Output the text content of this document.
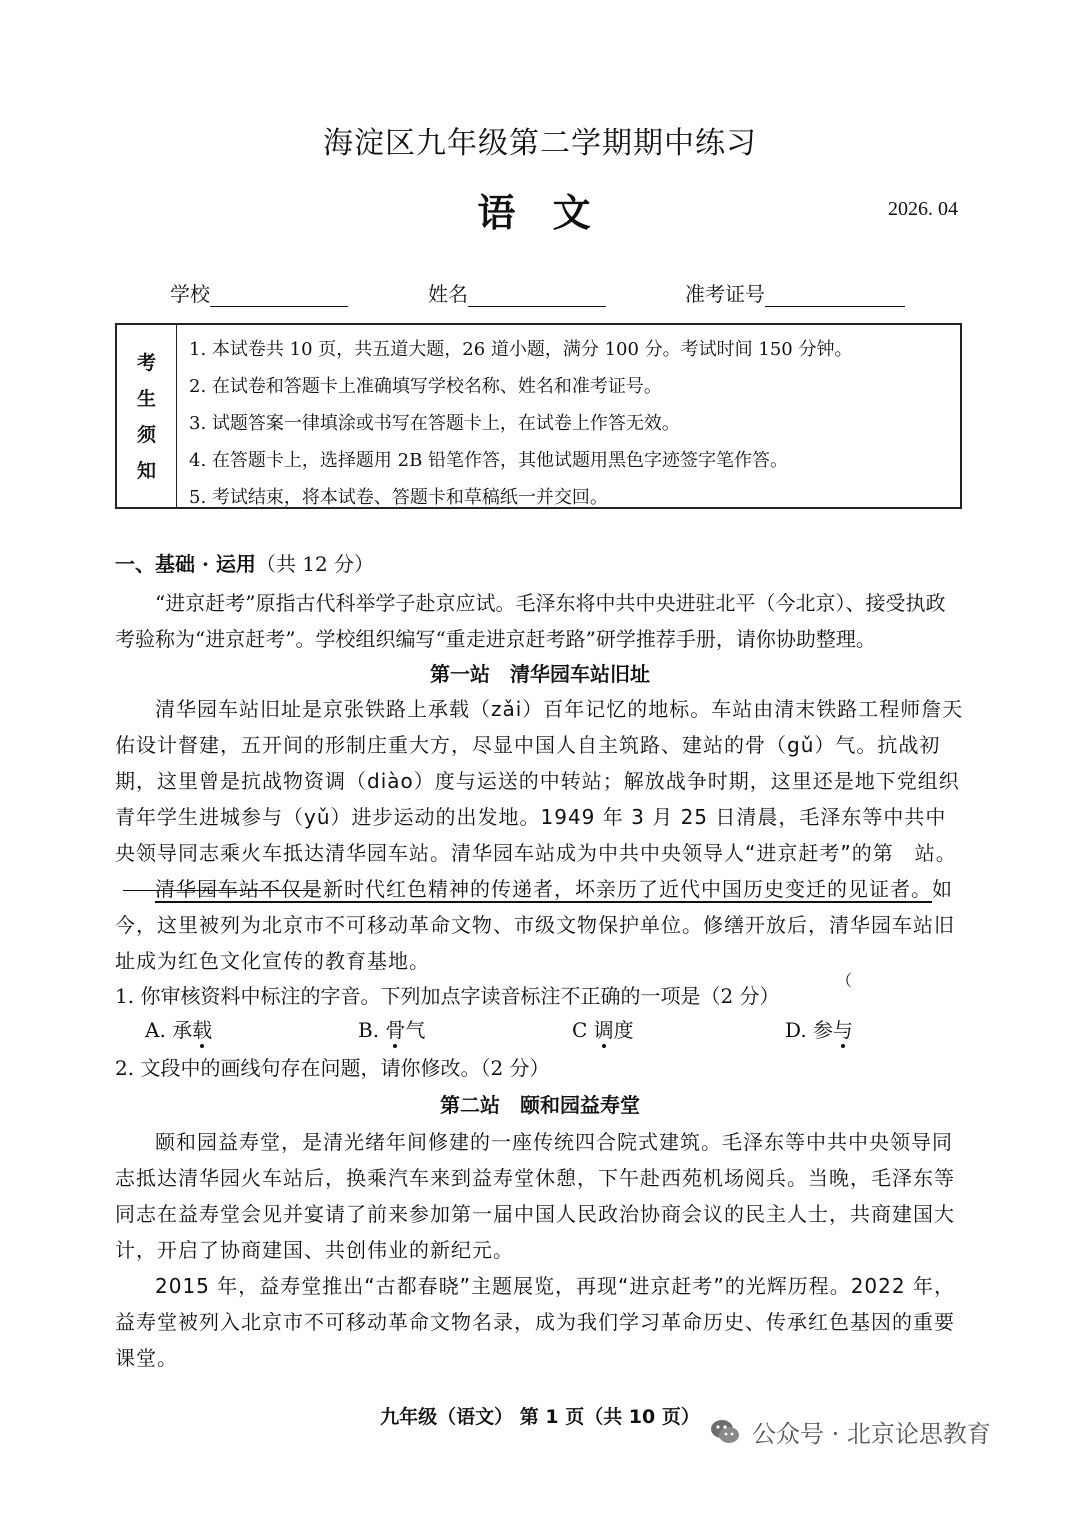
海淀区九年级第二学期期中练习
语 文	2026. 04
学校	姓名	准考证号
考
生
须
知
1. 本试卷共 10 页，共五道大题，26 道小题，满分 100 分。考试时间 150 分钟。
2. 在试卷和答题卡上准确填写学校名称、姓名和准考证号。
3. 试题答案一律填涂或书写在答题卡上，在试卷上作答无效。
4. 在答题卡上，选择题用 2B 铅笔作答，其他试题用黑色字迹签字笔作答。
5. 考试结束，将本试卷、答题卡和草稿纸一并交回。
一、基础 · 运用（共 12 分）
“进京赶考”原指古代科举学子赴京应试。毛泽东将中共中央进驻北平（今北京）、接受执政考验称为“进京赶考”。学校组织编写“重走进京赶考路”研学推荐手册，请你协助整理。
第一站　清华园车站旧址
清华园车站旧址是京张铁路上承载（zǎi）百年记忆的地标。车站由清末铁路工程师詹天佑设计督建，五开间的形制庄重大方，尽显中国人自主筑路、建站的骨（gǔ）气。抗战初期，这里曾是抗战物资调（diào）度与运送的中转站；解放战争时期，这里还是地下党组织青年学生进城参与（yǔ）进步运动的出发地。1949 年 3 月 25 日清晨，毛泽东等中共中央领导同志乘火车抵达清华园车站。清华园车站成为中共中央领导人“进京赶考”的第　站。
清华园车站不仅是新时代红色精神的传递者，坏亲历了近代中国历史变迁的见证者。如今，这里被列为北京市不可移动革命文物、市级文物保护单位。修缮开放后，清华园车站旧址成为红色文化宣传的教育基地。
1. 你审核资料中标注的字音。下列加点字读音标注不正确的一项是（2 分）
（
A. 承载	B. 骨气	C 调度	D. 参与
2. 文段中的画线句存在问题，请你修改。（2 分）
第二站　颐和园益寿堂
颐和园益寿堂，是清光绪年间修建的一座传统四合院式建筑。毛泽东等中共中央领导同志抵达清华园火车站后，换乘汽车来到益寿堂休憩，下午赴西苑机场阅兵。当晚，毛泽东等同志在益寿堂会见并宴请了前来参加第一届中国人民政治协商会议的民主人士，共商建国大计，开启了协商建国、共创伟业的新纪元。
2015 年，益寿堂推出“古都春晓”主题展览，再现“进京赶考”的光辉历程。2022 年，益寿堂被列入北京市不可移动革命文物名录，成为我们学习革命历史、传承红色基因的重要课堂。
九年级（语文） 第 1 页（共 10 页）
公众号 · 北京论思教育
